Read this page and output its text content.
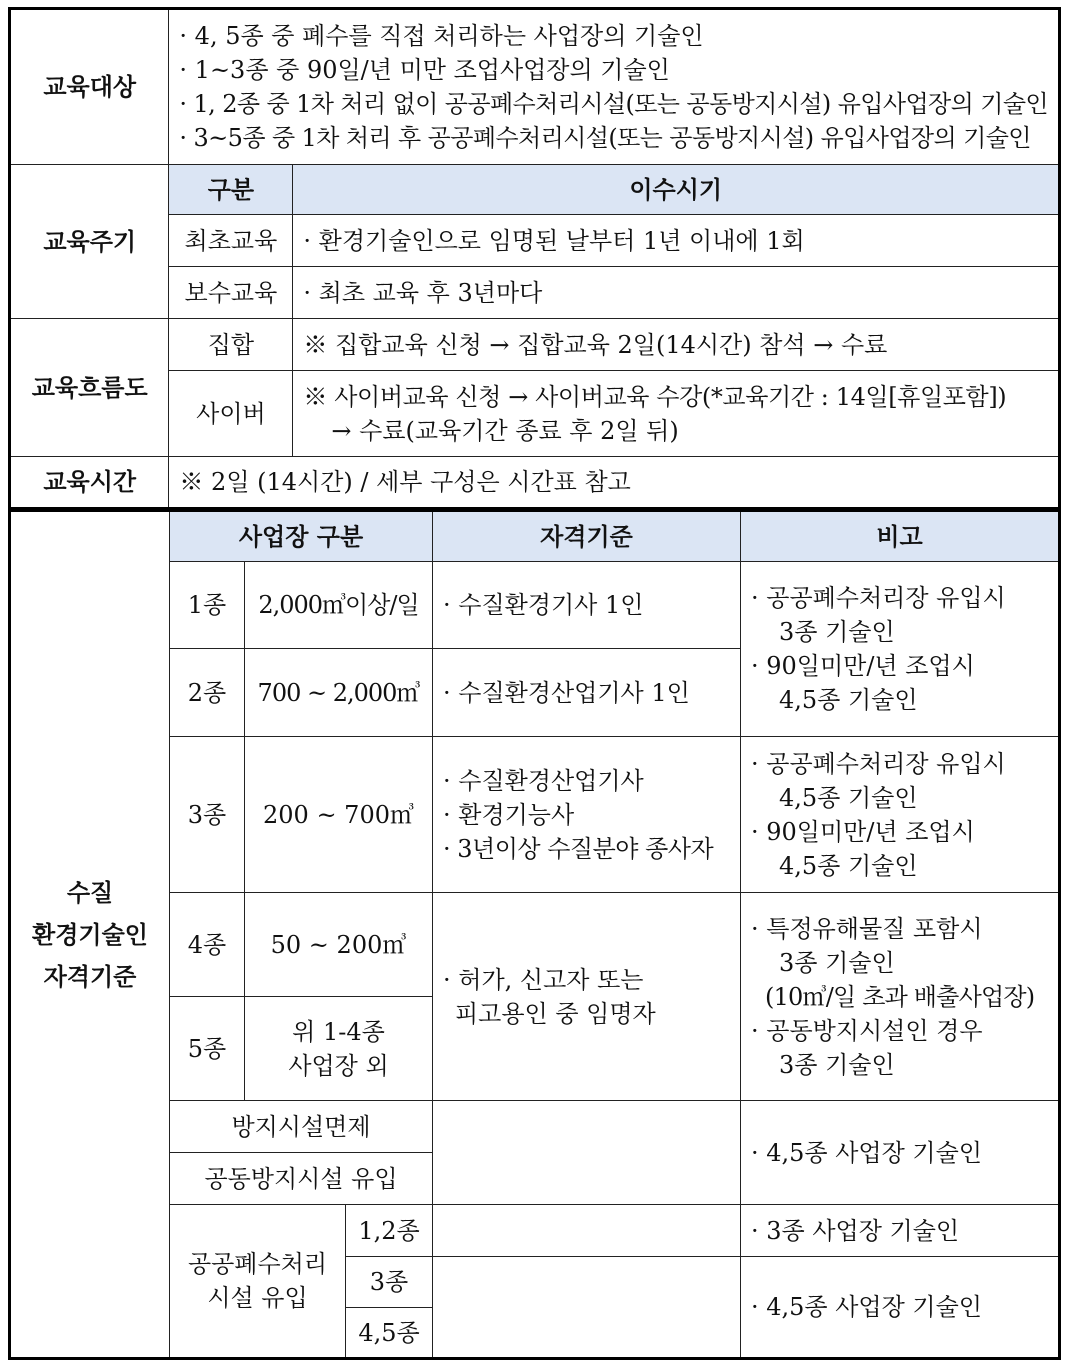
교육대상	· 4, 5종 중 폐수를 직접 처리하는 사업장의 기술인
· 1~3종 중 90일/년 미만 조업사업장의 기술인
· 1, 2종 중 1차 처리 없이 공공폐수처리시설(또는 공동방지시설) 유입사업장의 기술인
· 3~5종 중 1차 처리 후 공공폐수처리시설(또는 공동방지시설) 유입사업장의 기술인	

교육주기	구분	이수시기
	최초교육	· 환경기술인으로 임명된 날부터 1년 이내에 1회
	보수교육	· 최초 교육 후 3년마다
교육흐름도	집합	※ 집합교육 신청 → 집합교육 2일(14시간) 참석 → 수료

	사이버	※ 사이버교육 신청 → 사이버교육 수강(*교육기간 : 14일[휴일포함])
→ 수료(교육기간 종료 후 2일 뒤)

교육시간	※ 2일 (14시간) / 세부 구성은 시간표 참고	
수질
환경기술인
자격기준	사업장 구분			자격기준	비고
	1종	2,000㎥이상/일		· 수질환경기사 1인	· 공공폐수처리장 유입시
3종 기술인
· 90일미만/년 조업시
4,5종 기술인

	2종	700 ~ 2,000㎥		· 수질환경산업기사 1인	
	3종	200 ~ 700㎥		· 수질환경산업기사
· 환경기능사
· 3년이상 수질분야 종사자	· 공공폐수처리장 유입시
4,5종 기술인
· 90일미만/년 조업시
4,5종 기술인

	4종	50 ~ 200㎥		· 허가, 신고자 또는
피고용인 중 임명자	· 특정유해물질 포함시
3종 기술인
(10㎥/일 초과 배출사업장)
· 공동방지시설인 경우
3종 기술인

	5종	위 1-4종
사업장 외			

	방지시설면제				· 4,5종 사업장 기술인
	공동방지시설 유입				

	공공폐수처리
시설 유입		1,2종		· 3종 사업장 기술인
			3종		· 4,5종 사업장 기술인
			4,5종		
